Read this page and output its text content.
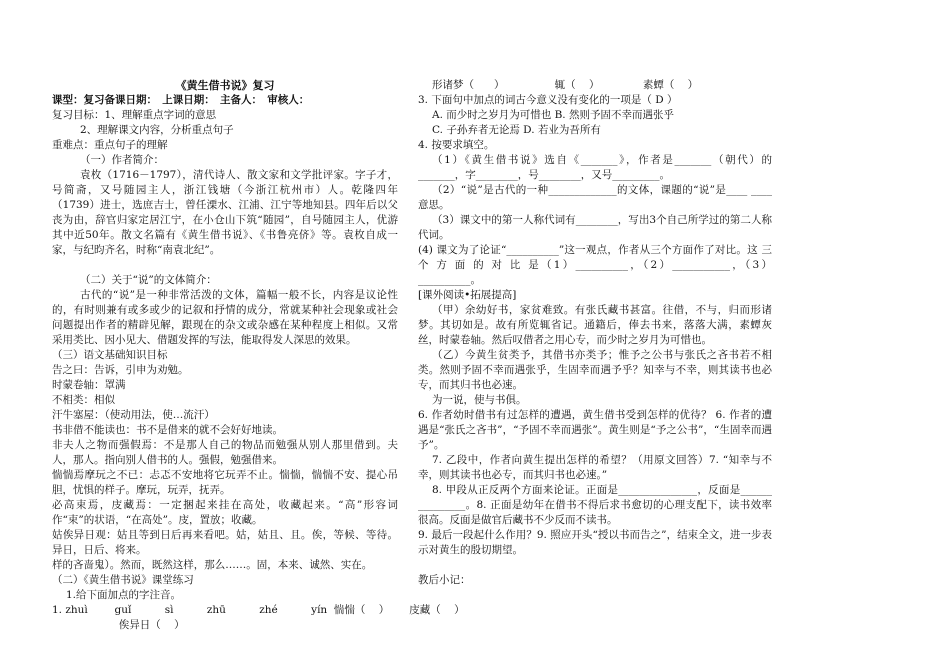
《黄生借书说》复习

课型：复习备课日期：　上课日期：　主备人：　审核人：

复习目标：1、理解重点字词的意思

2、理解课文内容，分析重点句子

重难点：重点句子的理解

（一）作者简介：

袁枚（1716－1797），清代诗人、散文家和文学批评家。字子才，号简斋，又号随园主人，浙江钱塘（今浙江杭州市）人。乾隆四年（1739）进士，选庶吉士，曾任溧水、江浦、江宁等地知县。四年后以父丧为由，辞官归家定居江宁，在小仓山下筑“随园”，自号随园主人，优游其中近50年。散文名篇有《黄生借书说》、《书鲁亮侪》等。袁枚自成一家，与纪昀齐名，时称“南袁北纪”。

（二）关于“说”的文体简介：

古代的“说”是一种非常活泼的文体，篇幅一般不长，内容是议论性的，有时则兼有或多或少的记叙和抒情的成分，常就某种社会现象或社会问题提出作者的精辟见解，跟现在的杂文或杂感在某种程度上相似。又常采用类比、因小见大、借题发挥的写法，能取得发人深思的效果。

（三）语文基础知识目标

告之曰：告诉，引申为劝勉。

时蒙卷轴：罩满

不相类：相似

汗牛塞屋：（使动用法，使…流汗）

书非借不能读也：书不是借来的就不会好好地读。

非夫人之物而强假焉：不是那人自己的物品而勉强从别人那里借到。夫人，那人。指向别人借书的人。强假，勉强借来。

惴惴焉摩玩之不已：忐忑不安地将它玩弄不止。惴惴，惴惴不安、提心吊胆，忧惧的样子。摩玩，玩弄，抚弄。

必高束焉，庋藏焉：一定捆起来挂在高处，收藏起来。“高”形容词作“束”的状语，“在高处”。庋，置放；收藏。

姑俟异日观：姑且等到日后再来看吧。姑，姑且、且。俟，等候、等待。异日，日后、将来。

样的吝啬鬼）。然而，既然这样，那么……。固，本来、诚然、实在。

（二）《黄生借书说》课堂练习

1.给下面加点的字注音。

1. zhuì        guǐ          sì          zhū          zhé          yín  惴惴（    ）      庋藏（    ）

俟异日（    ）

形诸梦（      ）               辄（    ）             素蟫（    ）

3. 下面句中加点的词古今意义没有变化的一项是（ D ）

A. 而少时之岁月为可惜也 B. 然则予固不幸而遇张乎

C. 子孙弃者无论焉 D. 若业为吾所有

4. 按要求填空。

（1）《黄生借书说》选自《_______》，作者是_______（朝代）的_______，字________，号________，又号_________。

（2）“说”是古代的一种_____________的文体，课题的“说”是____ ____意思。

（3）课文中的第一人称代词有________，写出3个自己所学过的第二人称代词。

(4) 课文为了论证“__________”这一观点，作者从三个方面作了对比。这 三 个 方 面 的 对 比 是（1）__________，（2）___________，（3）__________。

[课外阅读•拓展提高]

（甲）余幼好书，家贫难致。有张氏藏书甚富。往借，不与，归而形诸梦。其切如是。故有所览辄省记。通籍后，俸去书来，落落大满，素蟫灰丝，时蒙卷轴。然后叹借者之用心专，而少时之岁月为可惜也。

（乙）今黄生贫类予，其借书亦类予；惟予之公书与张氏之吝书若不相类。然则予固不幸而遇张乎，生固幸而遇予乎？知幸与不幸，则其读书也必专，而其归书也必速。

为一说，使与书俱。

6. 作者幼时借书有过怎样的遭遇，黄生借书受到怎样的优待？ 6. 作者的遭遇是“张氏之吝书”，“予固不幸而遇张”。黄生则是“予之公书”，“生固幸而遇予”。

7. 乙段中，作者向黄生提出怎样的希望？（用原文回答）7. “知幸与不幸，则其读书也必专，而其归书也必速。”

8. 甲段从正反两个方面来论证。正面是_______________，反面是______ _________。8. 正面是幼年在借书不得后求书愈切的心理支配下，读书效率很高。反面是做官后藏书不少反而不读书。

9. 最后一段起什么作用？9. 照应开头“授以书而告之”，结束全文，进一步表示对黄生的殷切期望。

教后小记：
